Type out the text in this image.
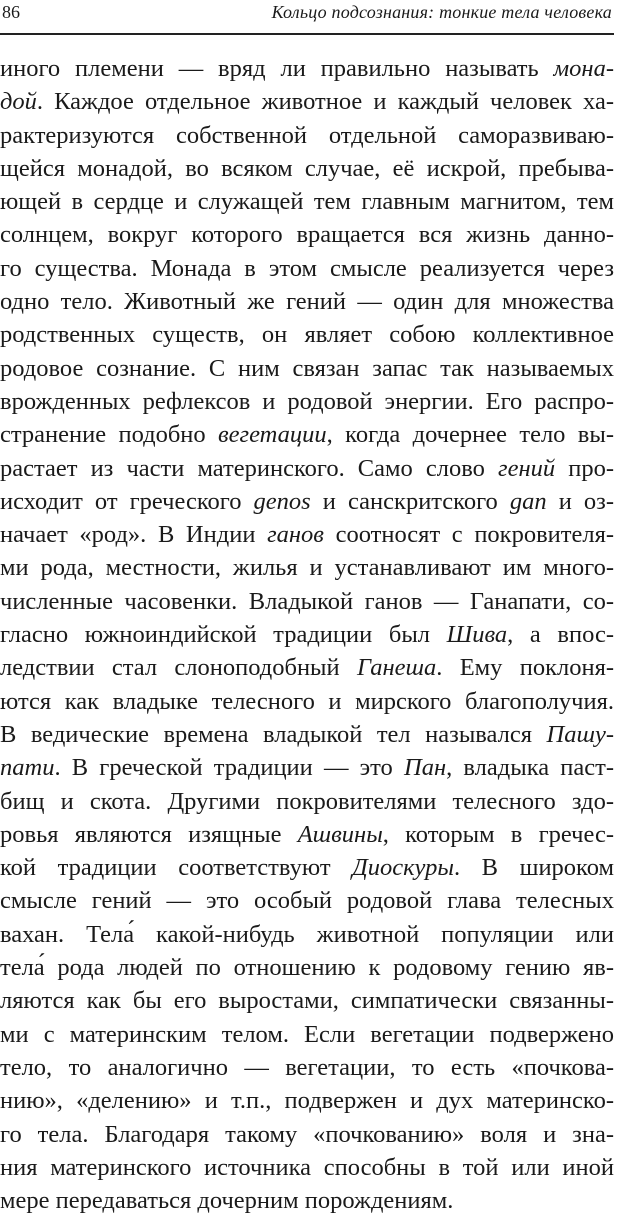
86	Кольцо подсознания: тонкие тела человека
иного племени — вряд ли правильно называть мона-
дой. Каждое отдельное животное и каждый человек ха-
рактеризуются собственной отдельной саморазвиваю-
щейся монадой, во всяком случае, её искрой, пребыва-
ющей в сердце и служащей тем главным магнитом, тем
солнцем, вокруг которого вращается вся жизнь данно-
го существа. Монада в этом смысле реализуется через
одно тело. Животный же гений — один для множества
родственных существ, он являет собою коллективное
родовое сознание. С ним связан запас так называемых
врожденных рефлексов и родовой энергии. Его распро-
странение подобно вегетации, когда дочернее тело вы-
растает из части материнского. Само слово гений про-
исходит от греческого genos и санскритского gan и оз-
начает «род». В Индии ганов соотносят с покровителя-
ми рода, местности, жилья и устанавливают им много-
численные часовенки. Владыкой ганов — Ганапати, со-
гласно южноиндийской традиции был Шива, а впос-
ледствии стал слоноподобный Ганеша. Ему поклоня-
ются как владыке телесного и мирского благополучия.
В ведические времена владыкой тел назывался Пашу-
пати. В греческой традиции — это Пан, владыка паст-
бищ и скота. Другими покровителями телесного здо-
ровья являются изящные Ашвины, которым в гречес-
кой традиции соответствуют Диоскуры. В широком
смысле гений — это особый родовой глава телесных
вахан. Тела́ какой-нибудь животной популяции или
тела́ рода людей по отношению к родовому гению яв-
ляются как бы его выростами, симпатически связанны-
ми с материнским телом. Если вегетации подвержено
тело, то аналогично — вегетации, то есть «почкова-
нию», «делению» и т.п., подвержен и дух материнско-
го тела. Благодаря такому «почкованию» воля и зна-
ния материнского источника способны в той или иной
мере передаваться дочерним порождениям.
